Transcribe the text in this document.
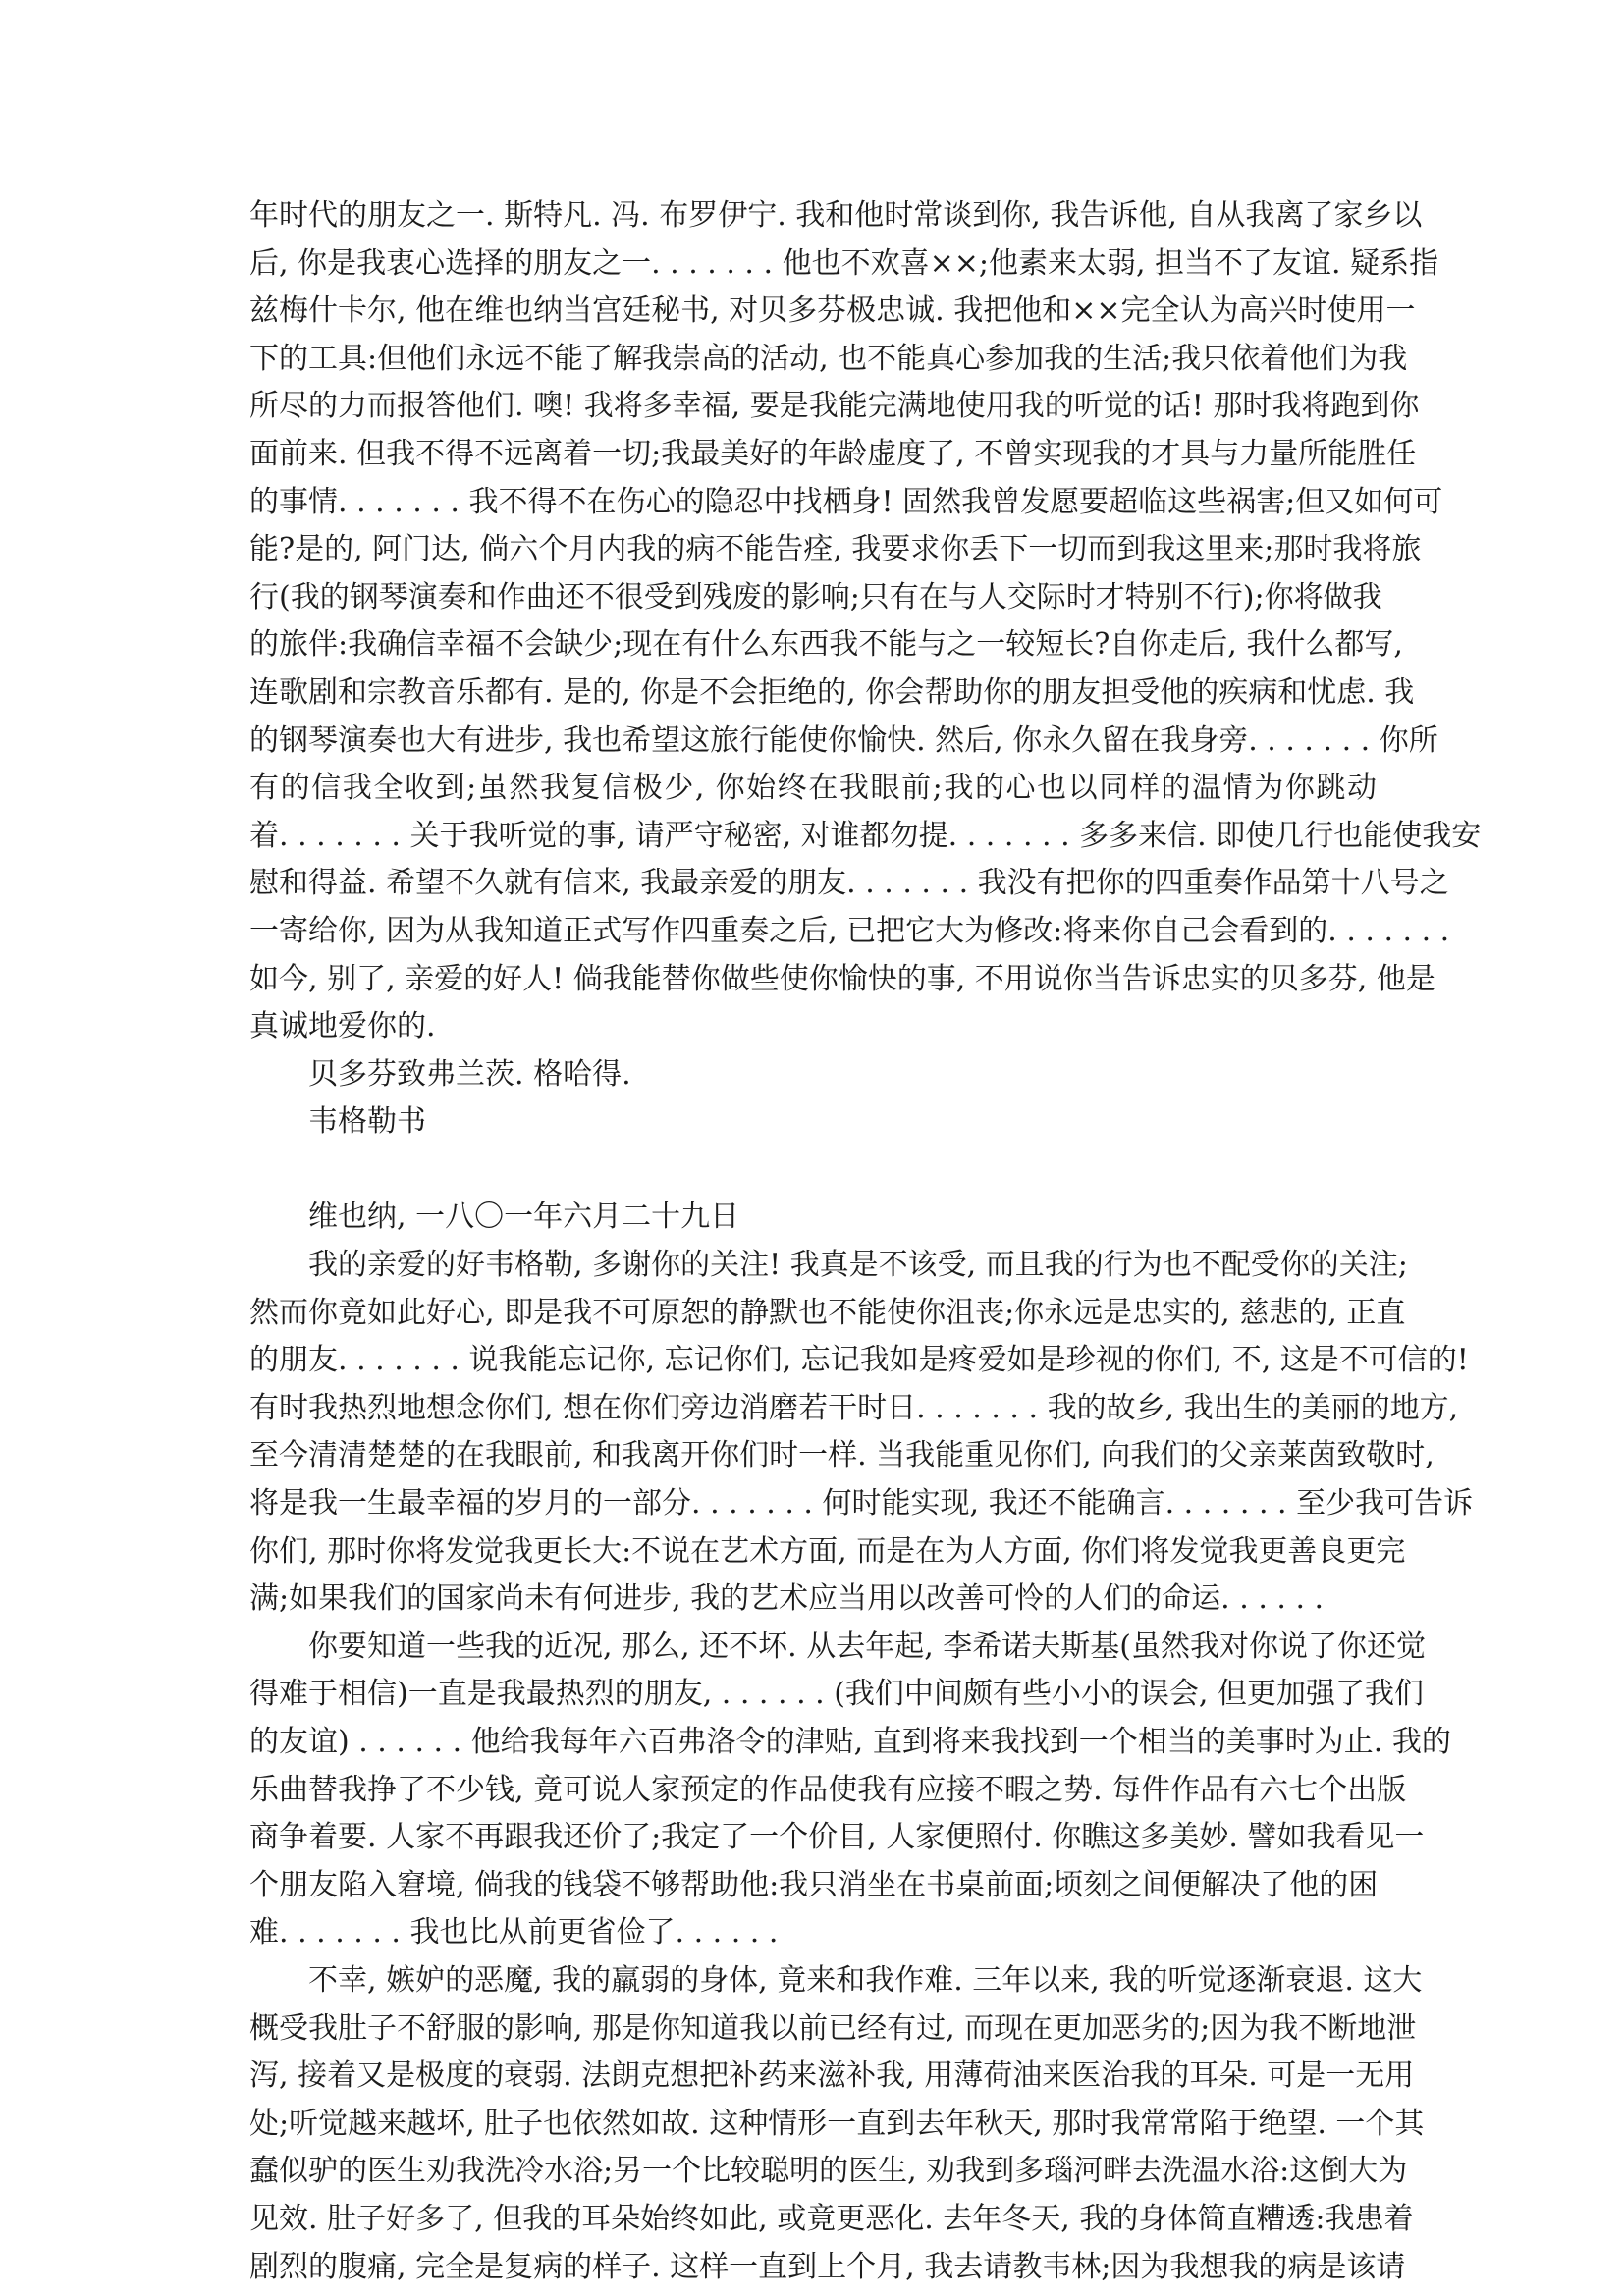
年时代的朋友之一. 斯特凡. 冯. 布罗伊宁. 我和他时常谈到你, 我告诉他, 自从我离了家乡以
后, 你是我衷心选择的朋友之一. . . . . . . 他也不欢喜××;他素来太弱, 担当不了友谊. 疑系指
兹梅什卡尔, 他在维也纳当宫廷秘书, 对贝多芬极忠诚. 我把他和××完全认为高兴时使用一
下的工具:但他们永远不能了解我崇高的活动, 也不能真心参加我的生活;我只依着他们为我
所尽的力而报答他们. 噢! 我将多幸福, 要是我能完满地使用我的听觉的话! 那时我将跑到你
面前来. 但我不得不远离着一切;我最美好的年龄虚度了, 不曾实现我的才具与力量所能胜任
的事情. . . . . . . 我不得不在伤心的隐忍中找栖身! 固然我曾发愿要超临这些祸害;但又如何可
能?是的, 阿门达, 倘六个月内我的病不能告痊, 我要求你丢下一切而到我这里来;那时我将旅
行(我的钢琴演奏和作曲还不很受到残废的影响;只有在与人交际时才特别不行);你将做我
的旅伴:我确信幸福不会缺少;现在有什么东西我不能与之一较短长?自你走后, 我什么都写,
连歌剧和宗教音乐都有. 是的, 你是不会拒绝的, 你会帮助你的朋友担受他的疾病和忧虑. 我
的钢琴演奏也大有进步, 我也希望这旅行能使你愉快. 然后, 你永久留在我身旁. . . . . . . 你所
有的信我全收到;虽然我复信极少, 你始终在我眼前;我的心也以同样的温情为你跳动
着. . . . . . . 关于我听觉的事, 请严守秘密, 对谁都勿提. . . . . . . 多多来信. 即使几行也能使我安
慰和得益. 希望不久就有信来, 我最亲爱的朋友. . . . . . . 我没有把你的四重奏作品第十八号之
一寄给你, 因为从我知道正式写作四重奏之后, 已把它大为修改:将来你自己会看到的. . . . . . .
如今, 别了, 亲爱的好人! 倘我能替你做些使你愉快的事, 不用说你当告诉忠实的贝多芬, 他是
真诚地爱你的.
贝多芬致弗兰茨. 格哈得.
韦格勒书
维也纳, 一八〇一年六月二十九日
我的亲爱的好韦格勒, 多谢你的关注! 我真是不该受, 而且我的行为也不配受你的关注;
然而你竟如此好心, 即是我不可原恕的静默也不能使你沮丧;你永远是忠实的, 慈悲的, 正直
的朋友. . . . . . . 说我能忘记你, 忘记你们, 忘记我如是疼爱如是珍视的你们, 不, 这是不可信的!
有时我热烈地想念你们, 想在你们旁边消磨若干时日. . . . . . . 我的故乡, 我出生的美丽的地方,
至今清清楚楚的在我眼前, 和我离开你们时一样. 当我能重见你们, 向我们的父亲莱茵致敬时,
将是我一生最幸福的岁月的一部分. . . . . . . 何时能实现, 我还不能确言. . . . . . . 至少我可告诉
你们, 那时你将发觉我更长大:不说在艺术方面, 而是在为人方面, 你们将发觉我更善良更完
满;如果我们的国家尚未有何进步, 我的艺术应当用以改善可怜的人们的命运. . . . . .
你要知道一些我的近况, 那么, 还不坏. 从去年起, 李希诺夫斯基(虽然我对你说了你还觉
得难于相信)一直是我最热烈的朋友, . . . . . . (我们中间颇有些小小的误会, 但更加强了我们
的友谊) . . . . . . 他给我每年六百弗洛令的津贴, 直到将来我找到一个相当的美事时为止. 我的
乐曲替我挣了不少钱, 竟可说人家预定的作品使我有应接不暇之势. 每件作品有六七个出版
商争着要. 人家不再跟我还价了;我定了一个价目, 人家便照付. 你瞧这多美妙. 譬如我看见一
个朋友陷入窘境, 倘我的钱袋不够帮助他:我只消坐在书桌前面;顷刻之间便解决了他的困
难. . . . . . . 我也比从前更省俭了. . . . . .
不幸, 嫉妒的恶魔, 我的羸弱的身体, 竟来和我作难. 三年以来, 我的听觉逐渐衰退. 这大
概受我肚子不舒服的影响, 那是你知道我以前已经有过, 而现在更加恶劣的;因为我不断地泄
泻, 接着又是极度的衰弱. 法朗克想把补药来滋补我, 用薄荷油来医治我的耳朵. 可是一无用
处;听觉越来越坏, 肚子也依然如故. 这种情形一直到去年秋天, 那时我常常陷于绝望. 一个其
蠢似驴的医生劝我洗冷水浴;另一个比较聪明的医生, 劝我到多瑙河畔去洗温水浴:这倒大为
见效. 肚子好多了, 但我的耳朵始终如此, 或竟更恶化. 去年冬天, 我的身体简直糟透:我患着
剧烈的腹痛, 完全是复病的样子. 这样一直到上个月, 我去请教韦林;因为我想我的病是该请
